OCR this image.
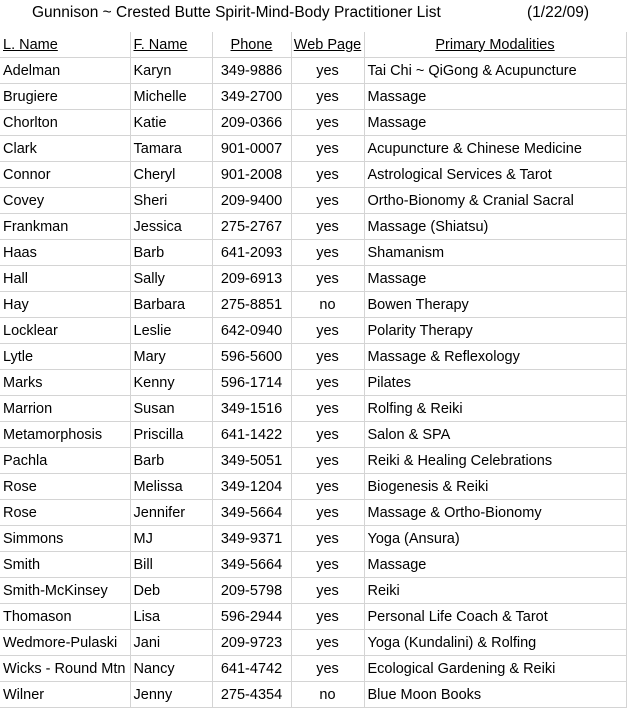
Gunnison ~ Crested Butte Spirit-Mind-Body Practitioner List	(1/22/09)
L. Name	F. Name	Phone	Web Page	Primary Modalities
Adelman	Karyn	349-9886	yes	Tai Chi ~ QiGong & Acupuncture
Brugiere	Michelle	349-2700	yes	Massage
Chorlton	Katie	209-0366	yes	Massage
Clark	Tamara	901-0007	yes	Acupuncture & Chinese Medicine
Connor	Cheryl	901-2008	yes	Astrological Services & Tarot
Covey	Sheri	209-9400	yes	Ortho-Bionomy & Cranial Sacral
Frankman	Jessica	275-2767	yes	Massage (Shiatsu)
Haas	Barb	641-2093	yes	Shamanism
Hall	Sally	209-6913	yes	Massage
Hay	Barbara	275-8851	no	Bowen Therapy
Locklear	Leslie	642-0940	yes	Polarity Therapy
Lytle	Mary	596-5600	yes	Massage & Reflexology
Marks	Kenny	596-1714	yes	Pilates
Marrion	Susan	349-1516	yes	Rolfing & Reiki
Metamorphosis	Priscilla	641-1422	yes	Salon & SPA
Pachla	Barb	349-5051	yes	Reiki & Healing Celebrations
Rose	Melissa	349-1204	yes	Biogenesis & Reiki
Rose	Jennifer	349-5664	yes	Massage & Ortho-Bionomy
Simmons	MJ	349-9371	yes	Yoga (Ansura)
Smith	Bill	349-5664	yes	Massage
Smith-McKinsey	Deb	209-5798	yes	Reiki
Thomason	Lisa	596-2944	yes	Personal Life Coach & Tarot
Wedmore-Pulaski	Jani	209-9723	yes	Yoga (Kundalini) & Rolfing
Wicks - Round Mtn	Nancy	641-4742	yes	Ecological Gardening & Reiki
Wilner	Jenny	275-4354	no	Blue Moon Books
